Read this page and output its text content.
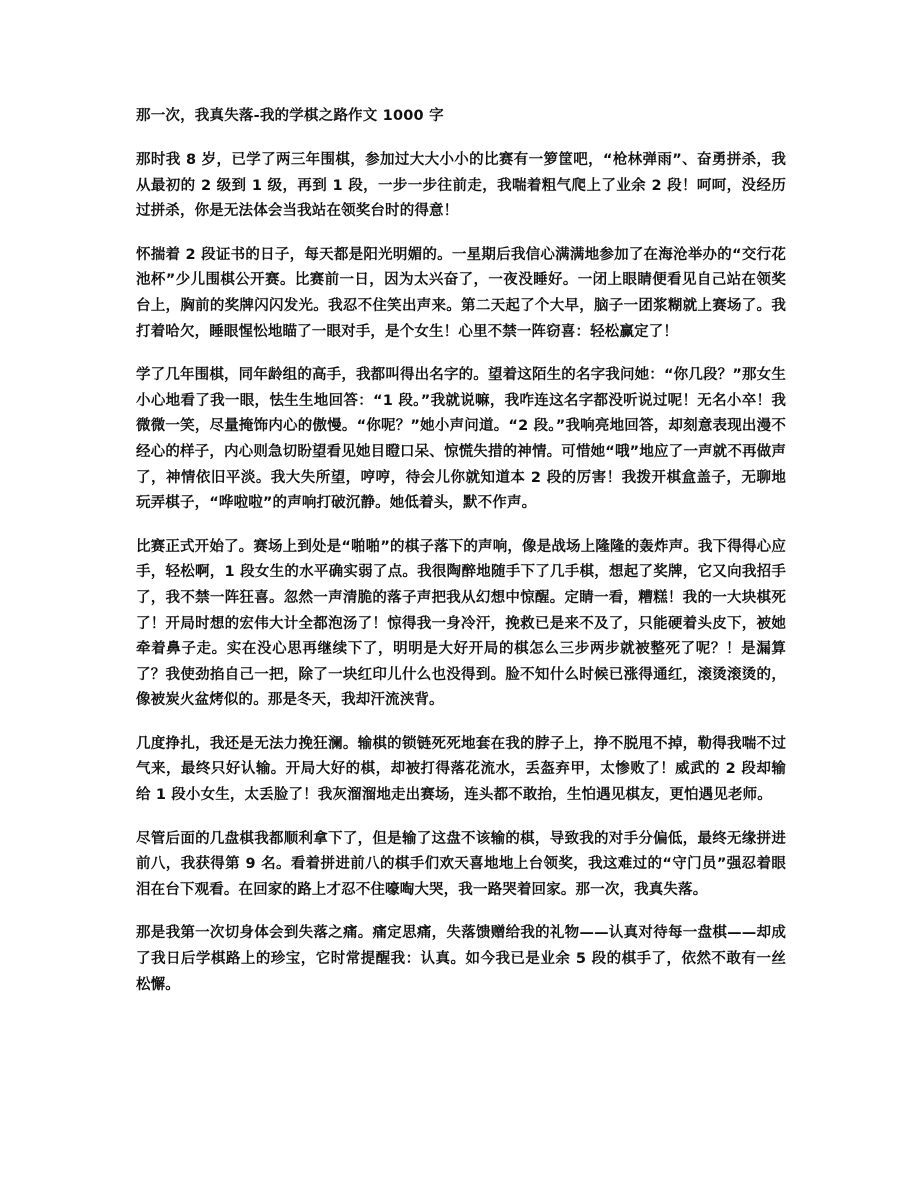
那一次，我真失落-我的学棋之路作文 1000 字

那时我 8 岁，已学了两三年围棋，参加过大大小小的比赛有一箩筐吧，“枪林弹雨”、奋勇拼杀，我从最初的 2 级到 1 级，再到 1 段，一步一步往前走，我喘着粗气爬上了业余 2 段！呵呵，没经历过拼杀，你是无法体会当我站在领奖台时的得意！

怀揣着 2 段证书的日子，每天都是阳光明媚的。一星期后我信心满满地参加了在海沧举办的“交行花池杯”少儿围棋公开赛。比赛前一日，因为太兴奋了，一夜没睡好。一闭上眼睛便看见自己站在领奖台上，胸前的奖牌闪闪发光。我忍不住笑出声来。第二天起了个大早，脑子一团浆糊就上赛场了。我打着哈欠，睡眼惺忪地瞄了一眼对手，是个女生！心里不禁一阵窃喜：轻松赢定了！

学了几年围棋，同年龄组的高手，我都叫得出名字的。望着这陌生的名字我问她：“你几段？”那女生小心地看了我一眼，怯生生地回答：“1 段。”我就说嘛，我咋连这名字都没听说过呢！无名小卒！我微微一笑，尽量掩饰内心的傲慢。“你呢？”她小声问道。“2 段。”我响亮地回答，却刻意表现出漫不经心的样子，内心则急切盼望看见她目瞪口呆、惊慌失措的神情。可惜她“哦”地应了一声就不再做声了，神情依旧平淡。我大失所望，哼哼，待会儿你就知道本 2 段的厉害！我拨开棋盒盖子，无聊地玩弄棋子，“哗啦啦”的声响打破沉静。她低着头，默不作声。

比赛正式开始了。赛场上到处是“啪啪”的棋子落下的声响，像是战场上隆隆的轰炸声。我下得得心应手，轻松啊，1 段女生的水平确实弱了点。我很陶醉地随手下了几手棋，想起了奖牌，它又向我招手了，我不禁一阵狂喜。忽然一声清脆的落子声把我从幻想中惊醒。定睛一看，糟糕！我的一大块棋死了！开局时想的宏伟大计全都泡汤了！惊得我一身冷汗，挽救已是来不及了，只能硬着头皮下，被她牵着鼻子走。实在没心思再继续下了，明明是大好开局的棋怎么三步两步就被整死了呢？！是漏算了？我使劲掐自己一把，除了一块红印儿什么也没得到。脸不知什么时候已涨得通红，滚烫滚烫的，像被炭火盆烤似的。那是冬天，我却汗流浃背。

几度挣扎，我还是无法力挽狂澜。输棋的锁链死死地套在我的脖子上，挣不脱甩不掉，勒得我喘不过气来，最终只好认输。开局大好的棋，却被打得落花流水，丢盔弃甲，太惨败了！威武的 2 段却输给 1 段小女生，太丢脸了！我灰溜溜地走出赛场，连头都不敢抬，生怕遇见棋友，更怕遇见老师。

尽管后面的几盘棋我都顺利拿下了，但是输了这盘不该输的棋，导致我的对手分偏低，最终无缘拼进前八，我获得第 9 名。看着拼进前八的棋手们欢天喜地地上台领奖，我这难过的“守门员”强忍着眼泪在台下观看。在回家的路上才忍不住嚎啕大哭，我一路哭着回家。那一次，我真失落。

那是我第一次切身体会到失落之痛。痛定思痛，失落馈赠给我的礼物——认真对待每一盘棋——却成了我日后学棋路上的珍宝，它时常提醒我：认真。如今我已是业余 5 段的棋手了，依然不敢有一丝松懈。
